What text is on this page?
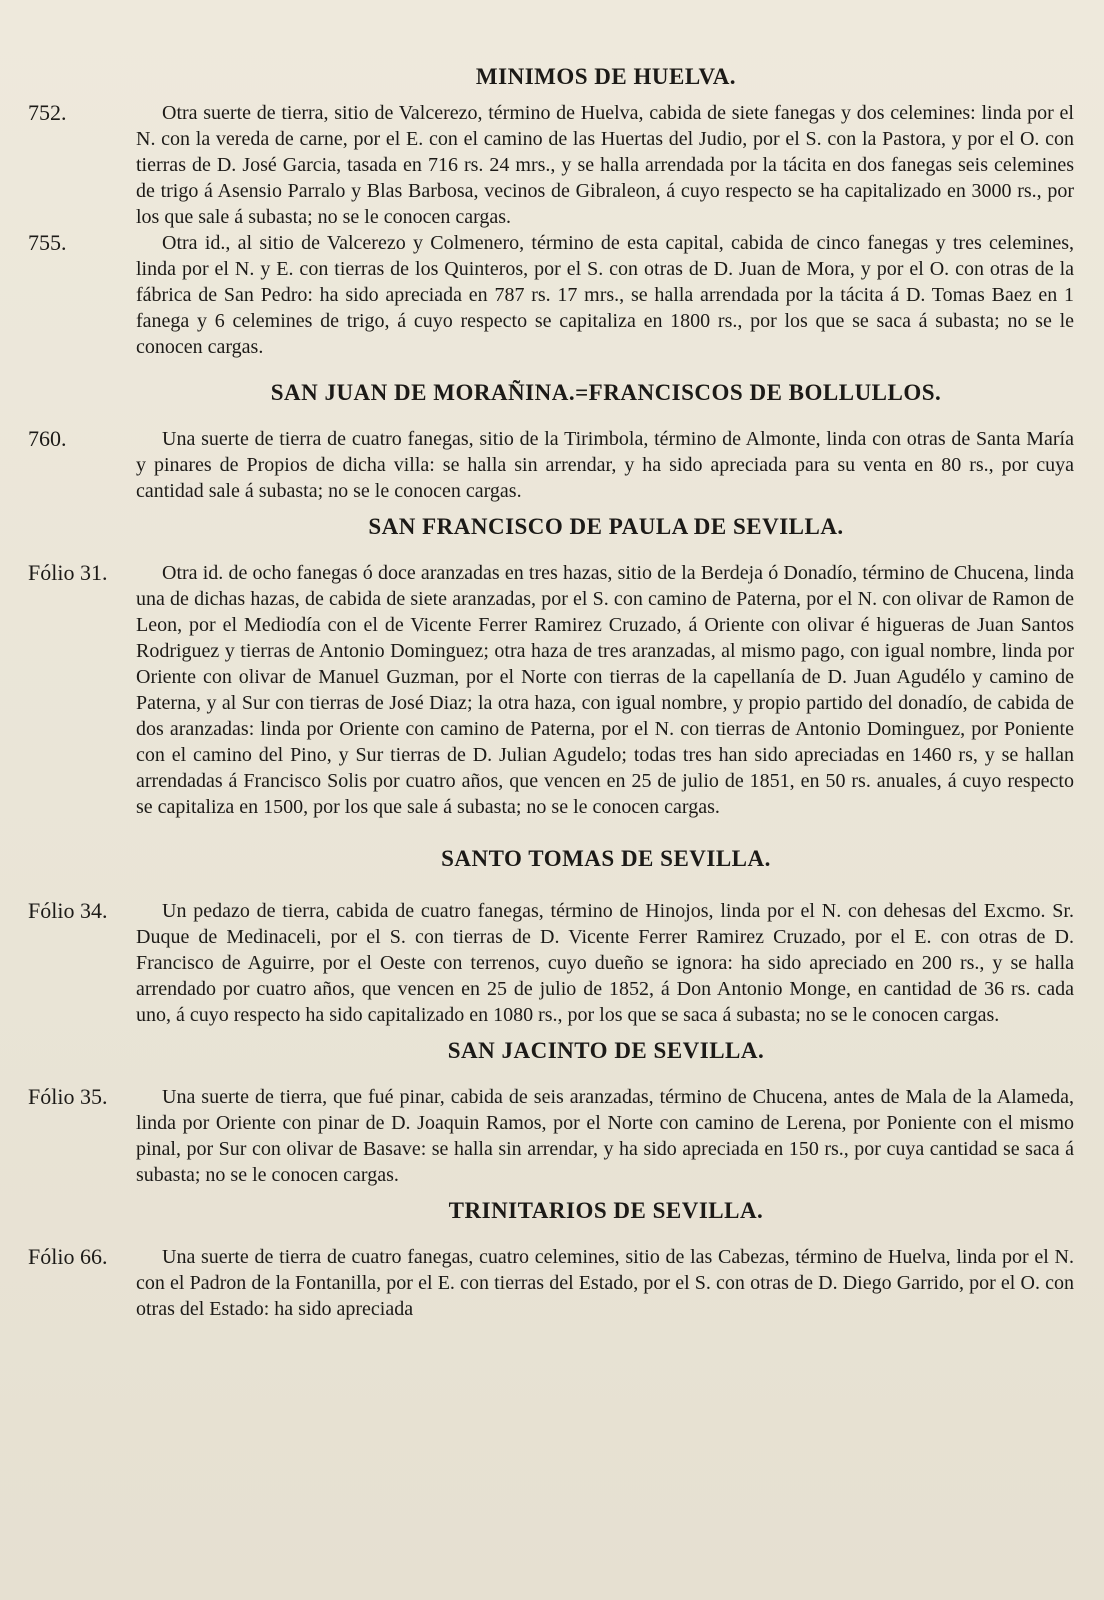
MINIMOS DE HUELVA.
752.	Otra suerte de tierra, sitio de Valcerezo, término de Huelva, cabida de siete fanegas y dos celemines: linda por el N. con la vereda de carne, por el E. con el camino de las Huertas del Judio, por el S. con la Pastora, y por el O. con tierras de D. José Garcia, tasada en 716 rs. 24 mrs., y se halla arrendada por la tácita en dos fanegas seis celemines de trigo á Asensio Parralo y Blas Barbosa, vecinos de Gibraleon, á cuyo respecto se ha capitalizado en 3000 rs., por los que sale á subasta; no se le conocen cargas.

755.	Otra id., al sitio de Valcerezo y Colmenero, término de esta capital, cabida de cinco fanegas y tres celemines, linda por el N. y E. con tierras de los Quinteros, por el S. con otras de D. Juan de Mora, y por el O. con otras de la fábrica de San Pedro: ha sido apreciada en 787 rs. 17 mrs., se halla arrendada por la tácita á D. Tomas Baez en 1 fanega y 6 celemines de trigo, á cuyo respecto se capitaliza en 1800 rs., por los que se saca á subasta; no se le conocen cargas.

SAN JUAN DE MORAÑINA.=FRANCISCOS DE BOLLULLOS.
760.	Una suerte de tierra de cuatro fanegas, sitio de la Tirimbola, término de Almonte, linda con otras de Santa María y pinares de Propios de dicha villa: se halla sin arrendar, y ha sido apreciada para su venta en 80 rs., por cuya cantidad sale á subasta; no se le conocen cargas.

SAN FRANCISCO DE PAULA DE SEVILLA.
Fólio 31.	Otra id. de ocho fanegas ó doce aranzadas en tres hazas, sitio de la Berdeja ó Donadío, término de Chucena, linda una de dichas hazas, de cabida de siete aranzadas, por el S. con camino de Paterna, por el N. con olivar de Ramon de Leon, por el Mediodía con el de Vicente Ferrer Ramirez Cruzado, á Oriente con olivar é higueras de Juan Santos Rodriguez y tierras de Antonio Dominguez; otra haza de tres aranzadas, al mismo pago, con igual nombre, linda por Oriente con olivar de Manuel Guzman, por el Norte con tierras de la capellanía de D. Juan Agudélo y camino de Paterna, y al Sur con tierras de José Diaz; la otra haza, con igual nombre, y propio partido del donadío, de cabida de dos aranzadas: linda por Oriente con camino de Paterna, por el N. con tierras de Antonio Dominguez, por Poniente con el camino del Pino, y Sur tierras de D. Julian Agudelo; todas tres han sido apreciadas en 1460 rs, y se hallan arrendadas á Francisco Solis por cuatro años, que vencen en 25 de julio de 1851, en 50 rs. anuales, á cuyo respecto se capitaliza en 1500, por los que sale á subasta; no se le conocen cargas.

SANTO TOMAS DE SEVILLA.
Fólio 34.	Un pedazo de tierra, cabida de cuatro fanegas, término de Hinojos, linda por el N. con dehesas del Excmo. Sr. Duque de Medinaceli, por el S. con tierras de D. Vicente Ferrer Ramirez Cruzado, por el E. con otras de D. Francisco de Aguirre, por el Oeste con terrenos, cuyo dueño se ignora: ha sido apreciado en 200 rs., y se halla arrendado por cuatro años, que vencen en 25 de julio de 1852, á Don Antonio Monge, en cantidad de 36 rs. cada uno, á cuyo respecto ha sido capitalizado en 1080 rs., por los que se saca á subasta; no se le conocen cargas.

SAN JACINTO DE SEVILLA.
Fólio 35.	Una suerte de tierra, que fué pinar, cabida de seis aranzadas, término de Chucena, antes de Mala de la Alameda, linda por Oriente con pinar de D. Joaquin Ramos, por el Norte con camino de Lerena, por Poniente con el mismo pinal, por Sur con olivar de Basave: se halla sin arrendar, y ha sido apreciada en 150 rs., por cuya cantidad se saca á subasta; no se le conocen cargas.

TRINITARIOS DE SEVILLA.
Fólio 66.	Una suerte de tierra de cuatro fanegas, cuatro celemines, sitio de las Cabezas, término de Huelva, linda por el N. con el Padron de la Fontanilla, por el E. con tierras del Estado, por el S. con otras de D. Diego Garrido, por el O. con otras del Estado: ha sido apreciada
